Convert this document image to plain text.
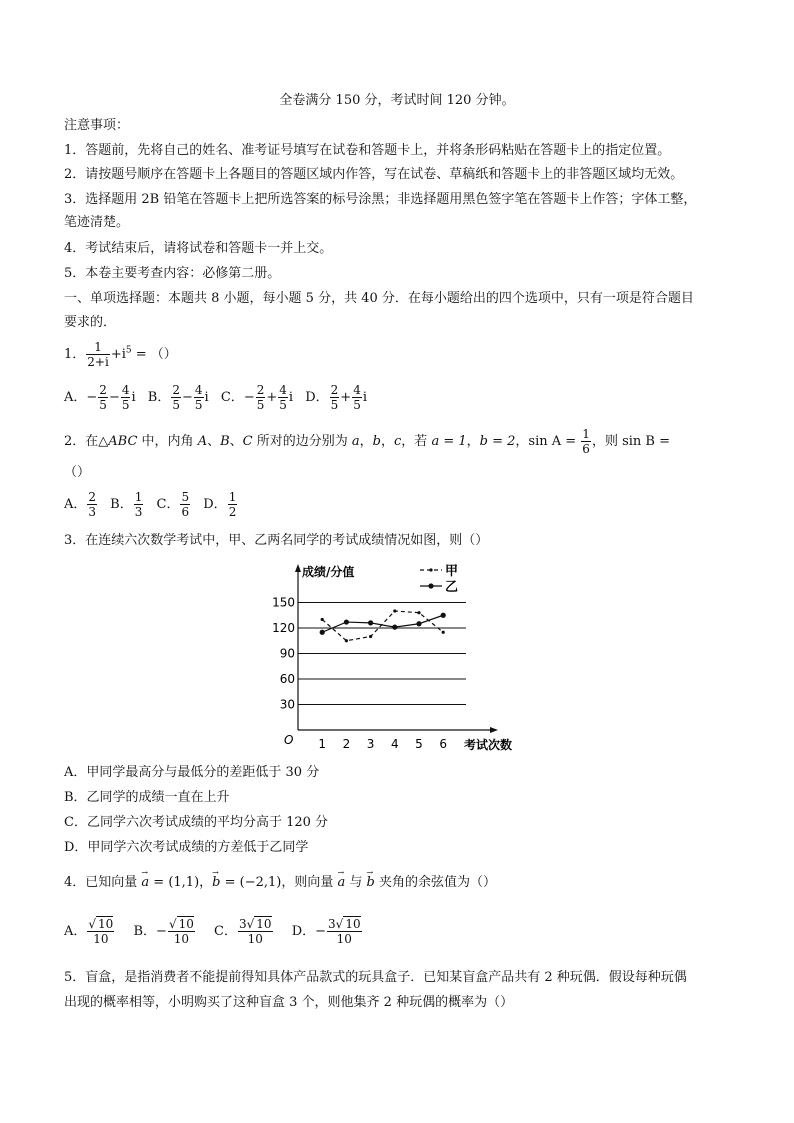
全卷满分 150 分，考试时间 120 分钟。
注意事项：
1．答题前，先将自己的姓名、准考证号填写在试卷和答题卡上，并将条形码粘贴在答题卡上的指定位置。
2．请按题号顺序在答题卡上各题目的答题区域内作答，写在试卷、草稿纸和答题卡上的非答题区域均无效。
3．选择题用 2B 铅笔在答题卡上把所选答案的标号涂黑；非选择题用黑色签字笔在答题卡上作答；字体工整，
笔迹清楚。
4．考试结束后，请将试卷和答题卡一并上交。
5．本卷主要考查内容：必修第二册。
一、单项选择题：本题共 8 小题，每小题 5 分，共 40 分．在每小题给出的四个选项中，只有一项是符合题目
要求的．
1． $\frac{1}{2+i} +i^5$ = （）
A．− $\frac{2}{5} - \frac{4}{5}$ i B． $\frac{2}{5} - \frac{4}{5}$ i C．− $\frac{2}{5} + \frac{4}{5}$ i D． $\frac{2}{5} + \frac{4}{5}$ i
2．在△ABC 中，内角 A、B、C 所对的边分别为 a，b，c，若 a = 1，b = 2，$\sin A = \frac{1}{6}$ ，则 sin B =
（）
A． $\frac{2}{3}$ B． $\frac{1}{3}$ C． $\frac{5}{6}$ D． $\frac{1}{2}$
3．在连续六次数学考试中，甲、乙两名同学的考试成绩情况如图，则（）
成绩/分值
考试次数
O
30
60
90
120
150
1 2 3 4 5 6
甲
乙
A．甲同学最高分与最低分的差距低于 30 分
B．乙同学的成绩一直在上升
C．乙同学六次考试成绩的平均分高于 120 分
D．甲同学六次考试成绩的方差低于乙同学
4．已知向量 → a = (1,1)，→ b = (−2,1)，则向量 → a 与 → b 夹角的余弦值为（）
A． $\frac{√ 10}{10}$ B．− $\frac{√ 10}{10}$ C． $\frac{3√ 10}{10}$ D．− $\frac{3√ 10}{10}$
5．盲盒，是指消费者不能提前得知具体产品款式的玩具盒子．已知某盲盒产品共有 2 种玩偶．假设每种玩偶
出现的概率相等，小明购买了这种盲盒 3 个，则他集齐 2 种玩偶的概率为（）
